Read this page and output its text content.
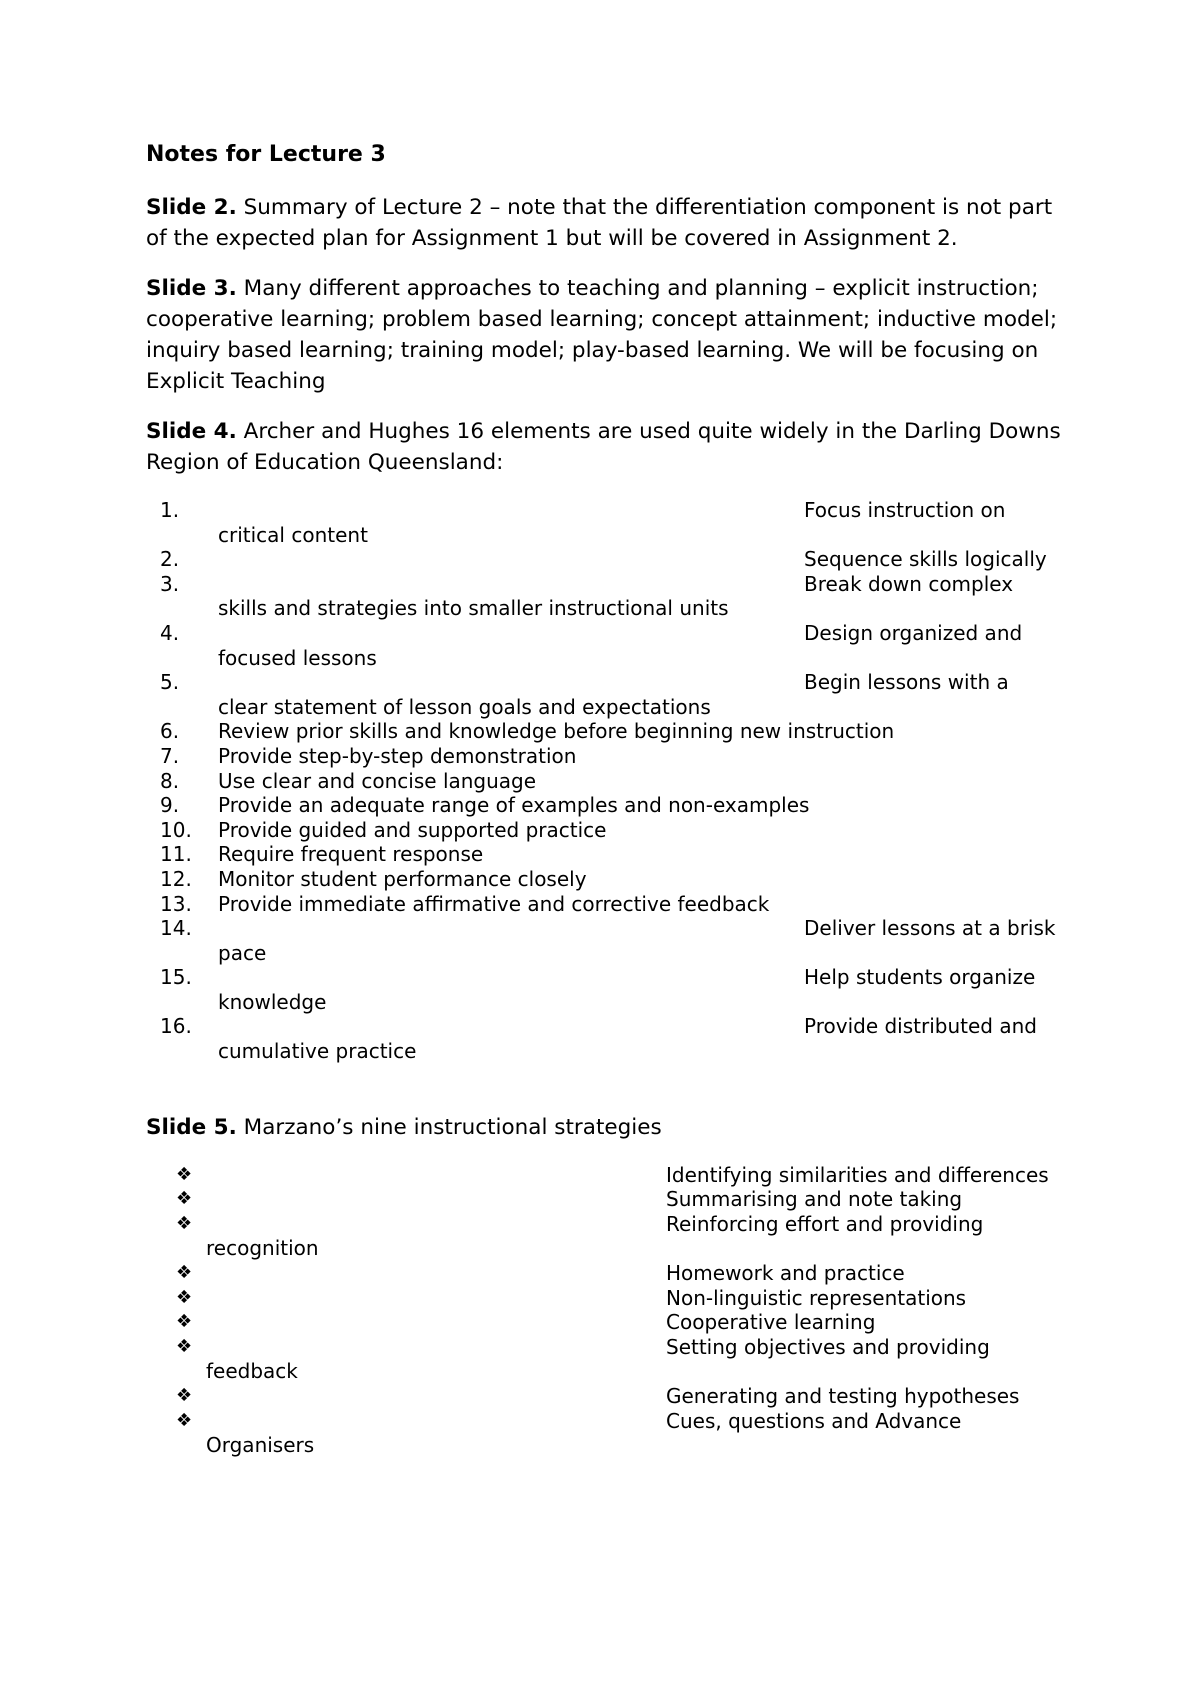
Notes for Lecture 3

Slide 2. Summary of Lecture 2 – note that the differentiation component is not part of the expected plan for Assignment 1 but will be covered in Assignment 2.

Slide 3. Many different approaches to teaching and planning – explicit instruction; cooperative learning; problem based learning; concept attainment; inductive model; inquiry based learning; training model; play-based learning. We will be focusing on Explicit Teaching

Slide 4. Archer and Hughes 16 elements are used quite widely in the Darling Downs Region of Education Queensland:

1.	Focus instruction on
critical content
2.	Sequence skills logically
3.	Break down complex
skills and strategies into smaller instructional units
4.	Design organized and
focused lessons
5.	Begin lessons with a
clear statement of lesson goals and expectations
6. Review prior skills and knowledge before beginning new instruction
7. Provide step-by-step demonstration
8. Use clear and concise language
9. Provide an adequate range of examples and non-examples
10. Provide guided and supported practice
11. Require frequent response
12. Monitor student performance closely
13. Provide immediate affirmative and corrective feedback
14.	Deliver lessons at a brisk
pace
15.	Help students organize
knowledge
16.	Provide distributed and
cumulative practice

Slide 5. Marzano’s nine instructional strategies

❖	Identifying similarities and differences
❖	Summarising and note taking
❖	Reinforcing effort and providing
recognition
❖	Homework and practice
❖	Non-linguistic representations
❖	Cooperative learning
❖	Setting objectives and providing
feedback
❖	Generating and testing hypotheses
❖	Cues, questions and Advance
Organisers
